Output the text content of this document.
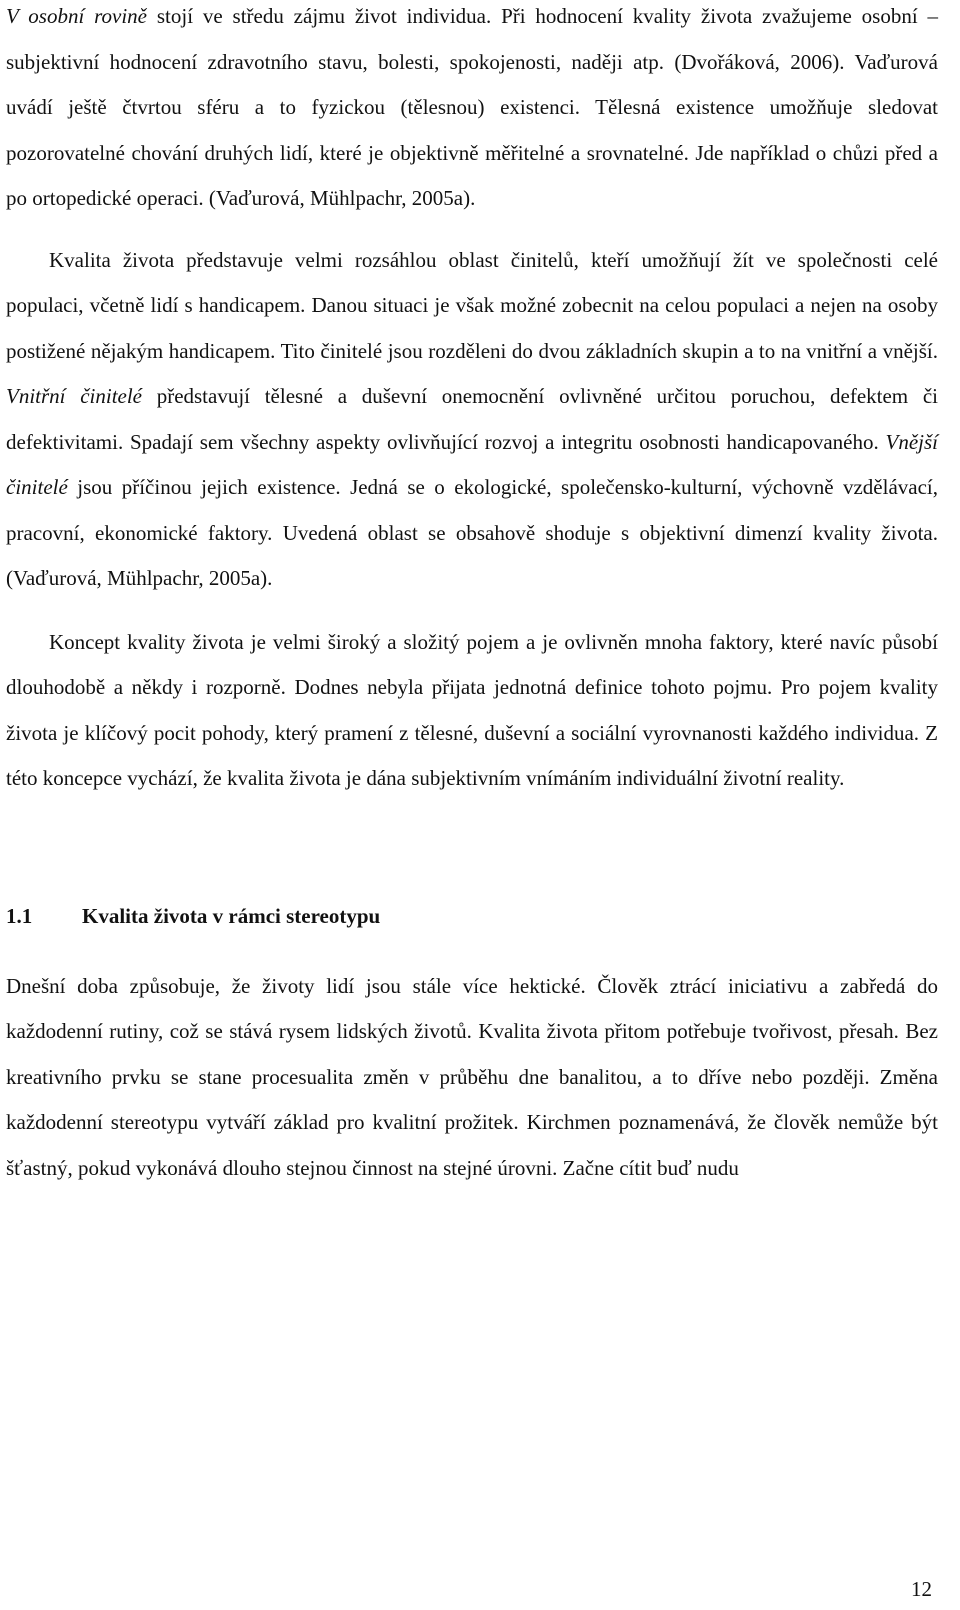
V osobní rovině stojí ve středu zájmu život individua. Při hodnocení kvality života zvažujeme osobní – subjektivní hodnocení zdravotního stavu, bolesti, spokojenosti, naději atp. (Dvořáková, 2006). Vaďurová uvádí ještě čtvrtou sféru a to fyzickou (tělesnou) existenci. Tělesná existence umožňuje sledovat pozorovatelné chování druhých lidí, které je objektivně měřitelné a srovnatelné. Jde například o chůzi před a po ortopedické operaci. (Vaďurová, Mühlpachr, 2005a).

Kvalita života představuje velmi rozsáhlou oblast činitelů, kteří umožňují žít ve společnosti celé populaci, včetně lidí s handicapem. Danou situaci je však možné zobecnit na celou populaci a nejen na osoby postižené nějakým handicapem. Tito činitelé jsou rozděleni do dvou základních skupin a to na vnitřní a vnější. Vnitřní činitelé představují tělesné a duševní onemocnění ovlivněné určitou poruchou, defektem či defektivitami. Spadají sem všechny aspekty ovlivňující rozvoj a integritu osobnosti handicapovaného. Vnější činitelé jsou příčinou jejich existence. Jedná se o ekologické, společensko-kulturní, výchovně vzdělávací, pracovní, ekonomické faktory. Uvedená oblast se obsahově shoduje s objektivní dimenzí kvality života. (Vaďurová, Mühlpachr, 2005a).

Koncept kvality života je velmi široký a složitý pojem a je ovlivněn mnoha faktory, které navíc působí dlouhodobě a někdy i rozporně. Dodnes nebyla přijata jednotná definice tohoto pojmu. Pro pojem kvality života je klíčový pocit pohody, který pramení z tělesné, duševní a sociální vyrovnanosti každého individua. Z této koncepce vychází, že kvalita života je dána subjektivním vnímáním individuální životní reality.

1.1	Kvalita života v rámci stereotypu

Dnešní doba způsobuje, že životy lidí jsou stále více hektické. Člověk ztrácí iniciativu a zabředá do každodenní rutiny, což se stává rysem lidských životů. Kvalita života přitom potřebuje tvořivost, přesah. Bez kreativního prvku se stane procesualita změn v průběhu dne banalitou, a to dříve nebo později. Změna každodenní stereotypu vytváří základ pro kvalitní prožitek. Kirchmen poznamenává, že člověk nemůže být šťastný, pokud vykonává dlouho stejnou činnost na stejné úrovni. Začne cítit buď nudu

12
